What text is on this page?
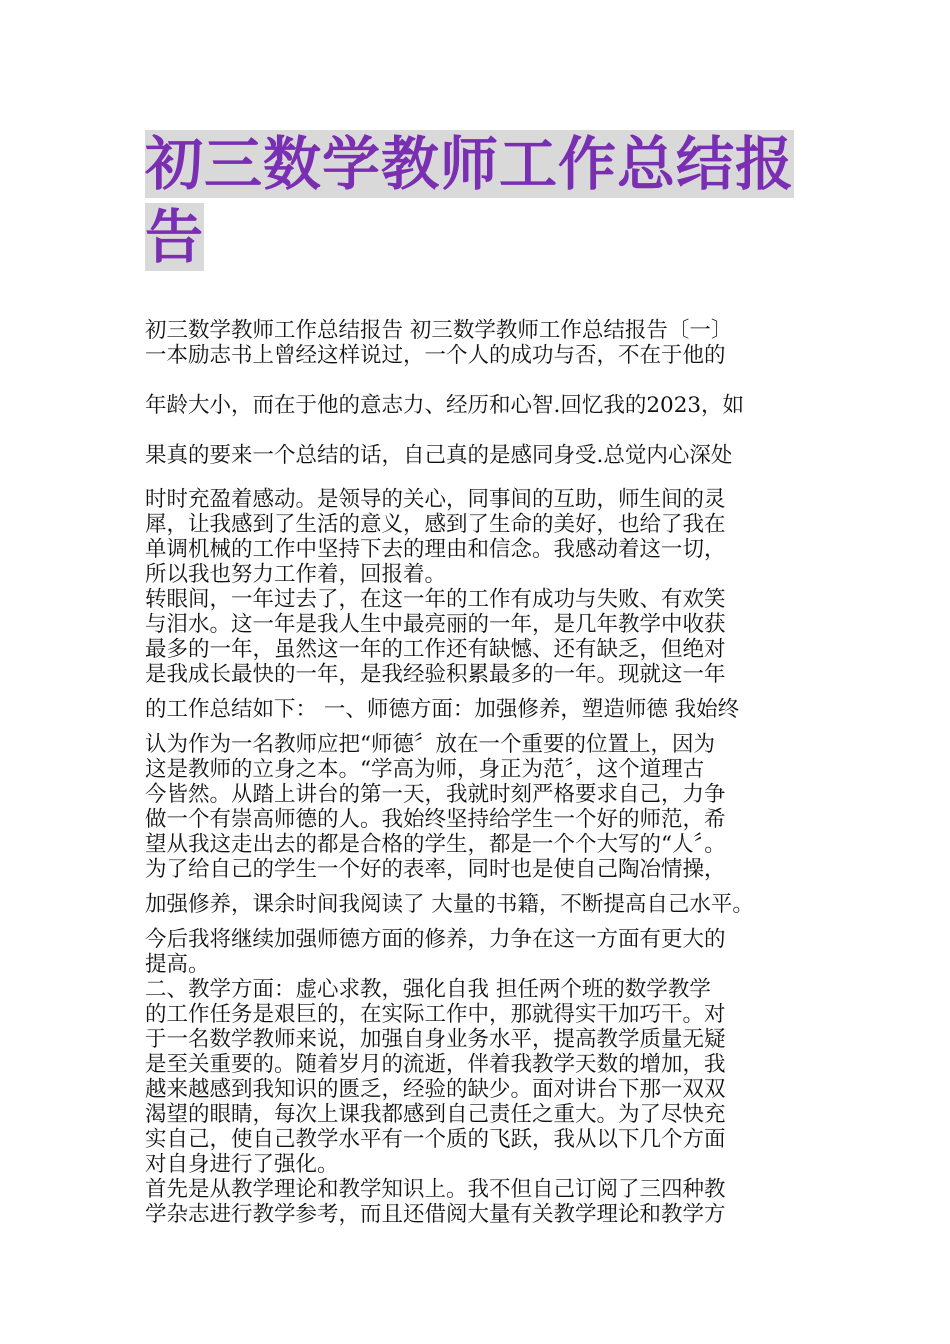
初三数学教师工作总结报
告
初三数学教师工作总结报告 初三数学教师工作总结报告〔一〕
一本励志书上曾经这样说过，一个人的成功与否，不在于他的
年龄大小，而在于他的意志力、经历和心智.回忆我的2023，如
果真的要来一个总结的话，自己真的是感同身受.总觉内心深处
时时充盈着感动。是领导的关心，同事间的互助，师生间的灵
犀，让我感到了生活的意义，感到了生命的美好，也给了我在
单调机械的工作中坚持下去的理由和信念。我感动着这一切，
所以我也努力工作着，回报着。
转眼间，一年过去了，在这一年的工作有成功与失败、有欢笑
与泪水。这一年是我人生中最亮丽的一年，是几年教学中收获
最多的一年，虽然这一年的工作还有缺憾、还有缺乏，但绝对
是我成长最快的一年，是我经验积累最多的一年。现就这一年
的工作总结如下： 一、师德方面：加强修养，塑造师德 我始终
认为作为一名教师应把“师德〞放在一个重要的位置上，因为
这是教师的立身之本。“学高为师，身正为范〞，这个道理古
今皆然。从踏上讲台的第一天，我就时刻严格要求自己，力争
做一个有崇高师德的人。我始终坚持给学生一个好的师范，希
望从我这走出去的都是合格的学生，都是一个个大写的“人〞。
为了给自己的学生一个好的表率，同时也是使自己陶冶情操，
加强修养，课余时间我阅读了 大量的书籍，不断提高自己水平。
今后我将继续加强师德方面的修养，力争在这一方面有更大的
提高。
二、教学方面：虚心求教，强化自我 担任两个班的数学教学
的工作任务是艰巨的，在实际工作中，那就得实干加巧干。对
于一名数学教师来说，加强自身业务水平，提高教学质量无疑
是至关重要的。随着岁月的流逝，伴着我教学天数的增加，我
越来越感到我知识的匮乏，经验的缺少。面对讲台下那一双双
渴望的眼睛，每次上课我都感到自己责任之重大。为了尽快充
实自己，使自己教学水平有一个质的飞跃，我从以下几个方面
对自身进行了强化。
首先是从教学理论和教学知识上。我不但自己订阅了三四种教
学杂志进行教学参考，而且还借阅大量有关教学理论和教学方
